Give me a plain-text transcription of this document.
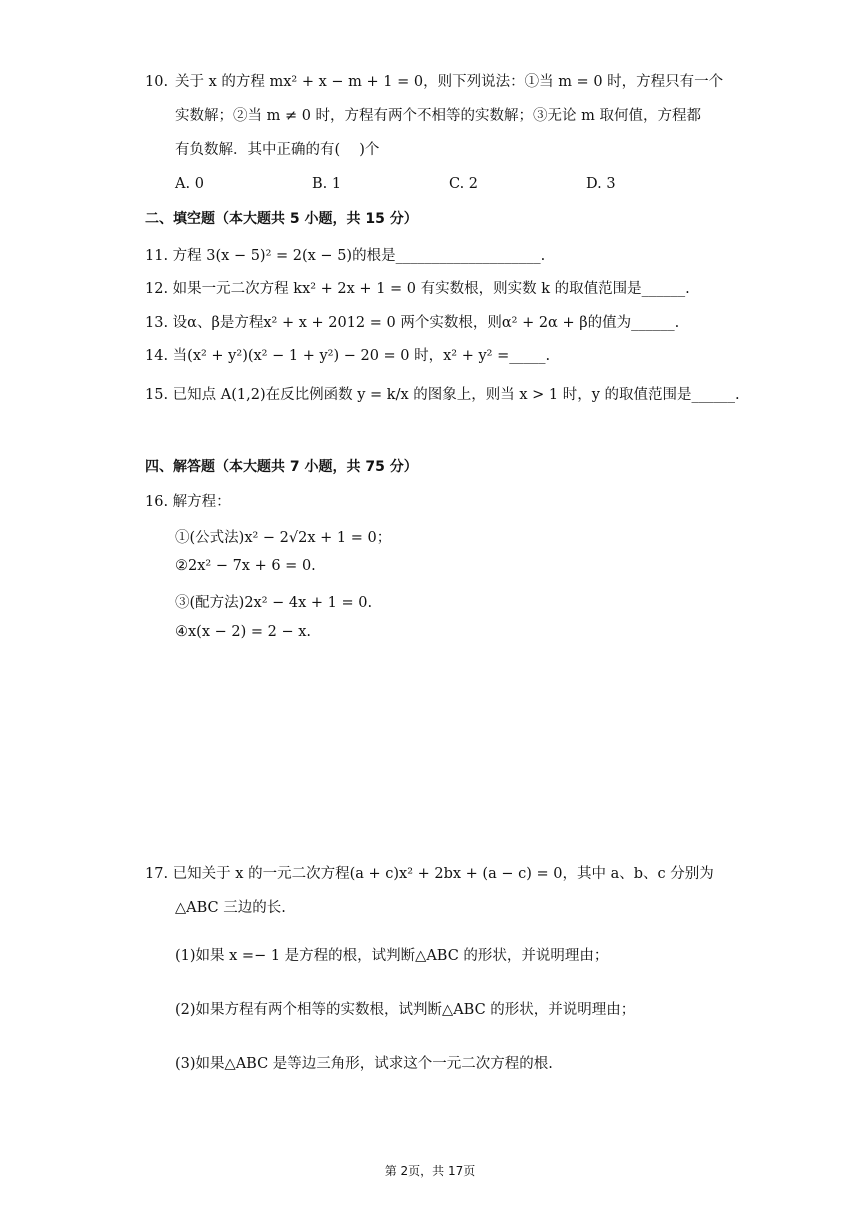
10. 关于 x 的方程 mx² + x − m + 1 = 0，则下列说法：①当 m = 0 时，方程只有一个
实数解；②当 m ≠ 0 时，方程有两个不相等的实数解；③无论 m 取何值，方程都
有负数解．其中正确的有(　 )个
A. 0	B. 1	C. 2	D. 3
二、填空题（本大题共 5 小题，共 15 分）
11. 方程 3(x − 5)² = 2(x − 5)的根是____________________.
12. 如果一元二次方程 kx² + 2x + 1 = 0 有实数根，则实数 k 的取值范围是______.
13. 设α、β是方程x² + x + 2012 = 0 两个实数根，则α² + 2α + β的值为______.
14. 当(x² + y²)(x² − 1 + y²) − 20 = 0 时，x² + y² =_____.
15. 已知点 A(1,2)在反比例函数 y = k/x 的图象上，则当 x > 1 时，y 的取值范围是______.
四、解答题（本大题共 7 小题，共 75 分）
16. 解方程：
①(公式法)x² − 2√2x + 1 = 0；
②2x² − 7x + 6 = 0.
③(配方法)2x² − 4x + 1 = 0.
④x(x − 2) = 2 − x.
17. 已知关于 x 的一元二次方程(a + c)x² + 2bx + (a − c) = 0，其中 a、b、c 分别为
△ABC 三边的长.
(1)如果 x =− 1 是方程的根，试判断△ABC 的形状，并说明理由；
(2)如果方程有两个相等的实数根，试判断△ABC 的形状，并说明理由；
(3)如果△ABC 是等边三角形，试求这个一元二次方程的根.
第 2页，共 17页
